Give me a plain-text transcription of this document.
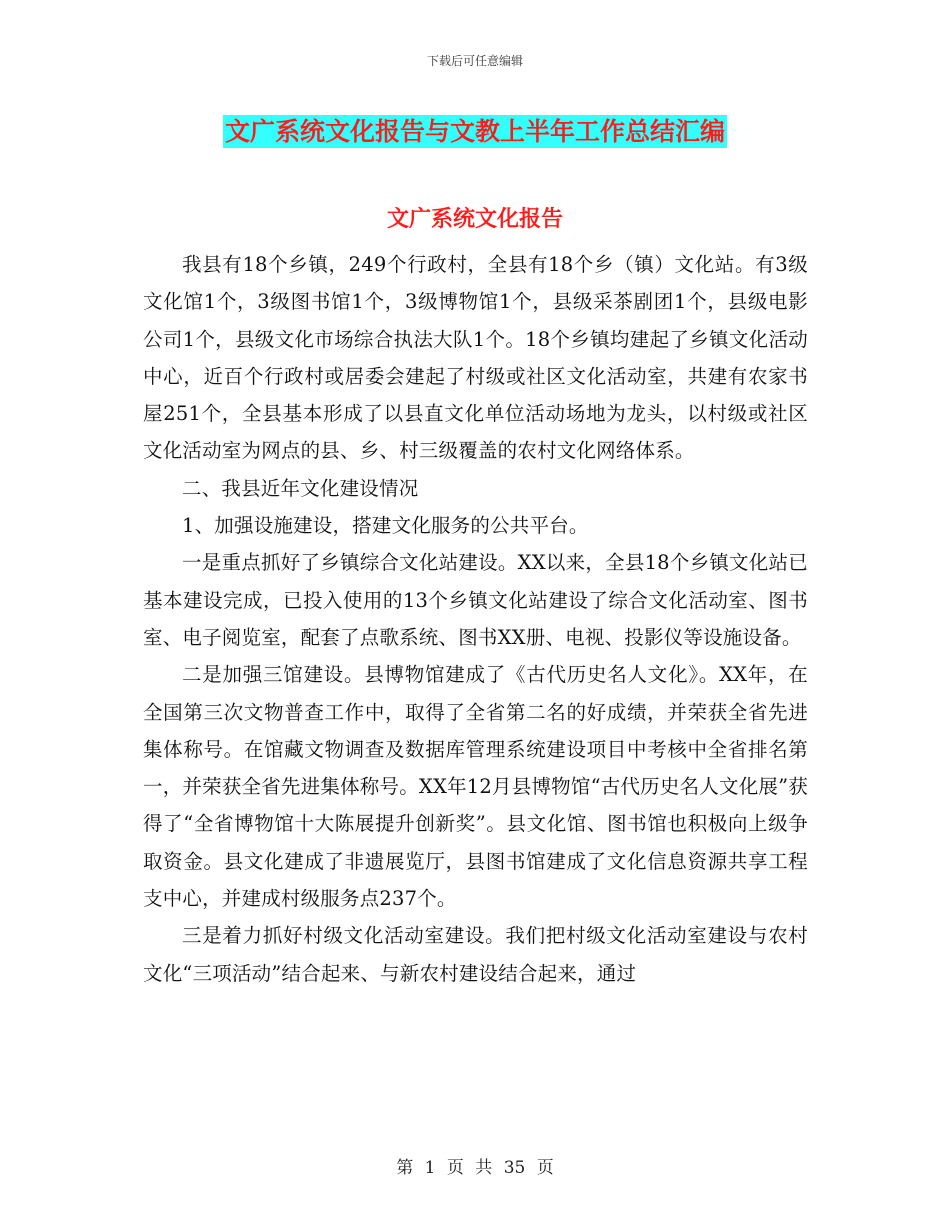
下载后可任意编辑
文广系统文化报告与文教上半年工作总结汇编
文广系统文化报告

我县有18个乡镇，249个行政村，全县有18个乡（镇）文化站。有3级文化馆1个，3级图书馆1个，3级博物馆1个，县级采茶剧团1个，县级电影公司1个，县级文化市场综合执法大队1个。18个乡镇均建起了乡镇文化活动中心，近百个行政村或居委会建起了村级或社区文化活动室，共建有农家书屋251个，全县基本形成了以县直文化单位活动场地为龙头，以村级或社区文化活动室为网点的县、乡、村三级覆盖的农村文化网络体系。

二、我县近年文化建设情况

1、加强设施建设，搭建文化服务的公共平台。

一是重点抓好了乡镇综合文化站建设。XX以来，全县18个乡镇文化站已基本建设完成，已投入使用的13个乡镇文化站建设了综合文化活动室、图书室、电子阅览室，配套了点歌系统、图书XX册、电视、投影仪等设施设备。

二是加强三馆建设。县博物馆建成了《古代历史名人文化》。XX年，在全国第三次文物普查工作中，取得了全省第二名的好成绩，并荣获全省先进集体称号。在馆藏文物调查及数据库管理系统建设项目中考核中全省排名第一，并荣获全省先进集体称号。XX年12月县博物馆“古代历史名人文化展”获得了“全省博物馆十大陈展提升创新奖”。县文化馆、图书馆也积极向上级争取资金。县文化建成了非遗展览厅，县图书馆建成了文化信息资源共享工程支中心，并建成村级服务点237个。

三是着力抓好村级文化活动室建设。我们把村级文化活动室建设与农村文化“三项活动”结合起来、与新农村建设结合起来，通过

第 1 页 共 35 页
